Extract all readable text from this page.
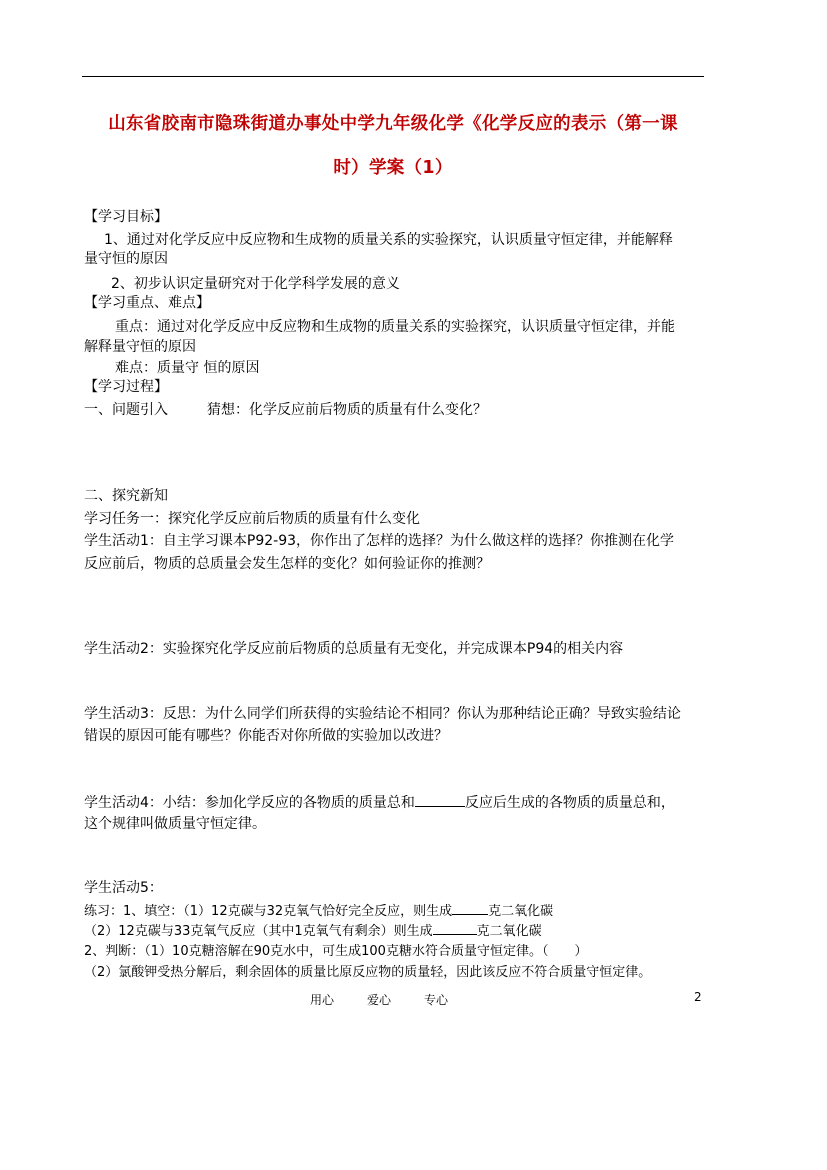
山东省胶南市隐珠街道办事处中学九年级化学《化学反应的表示（第一课
时）学案（1）
【学习目标】
1、通过对化学反应中反应物和生成物的质量关系的实验探究，认识质量守恒定律，并能解释
量守恒的原因
2、初步认识定量研究对于化学科学发展的意义
【学习重点、难点】
重点：通过对化学反应中反应物和生成物的质量关系的实验探究，认识质量守恒定律，并能
解释量守恒的原因
难点：质量守 恒的原因
【学习过程】
一、问题引入	猜想：化学反应前后物质的质量有什么变化？
二、探究新知
学习任务一：探究化学反应前后物质的质量有什么变化
学生活动1：自主学习课本P92-93，你作出了怎样的选择？为什么做这样的选择？你推测在化学
反应前后，物质的总质量会发生怎样的变化？如何验证你的推测？
学生活动2：实验探究化学反应前后物质的总质量有无变化，并完成课本P94的相关内容
学生活动3：反思：为什么同学们所获得的实验结论不相同？你认为那种结论正确？导致实验结论
错误的原因可能有哪些？你能否对你所做的实验加以改进？
学生活动4：小结：参加化学反应的各物质的质量总和	反应后生成的各物质的质量总和，
这个规律叫做质量守恒定律。
学生活动5：
练习：1、填空：（1）12克碳与32克氧气恰好完全反应，则生成	克二氧化碳
（2）12克碳与33克氧气反应（其中1克氧气有剩余）则生成	克二氧化碳
2、判断：（1）10克糖溶解在90克水中，可生成100克糖水符合质量守恒定律。（　　）
（2）氯酸钾受热分解后，剩余固体的质量比原反应物的质量轻，因此该反应不符合质量守恒定律。
用心	爱心	专心	2
